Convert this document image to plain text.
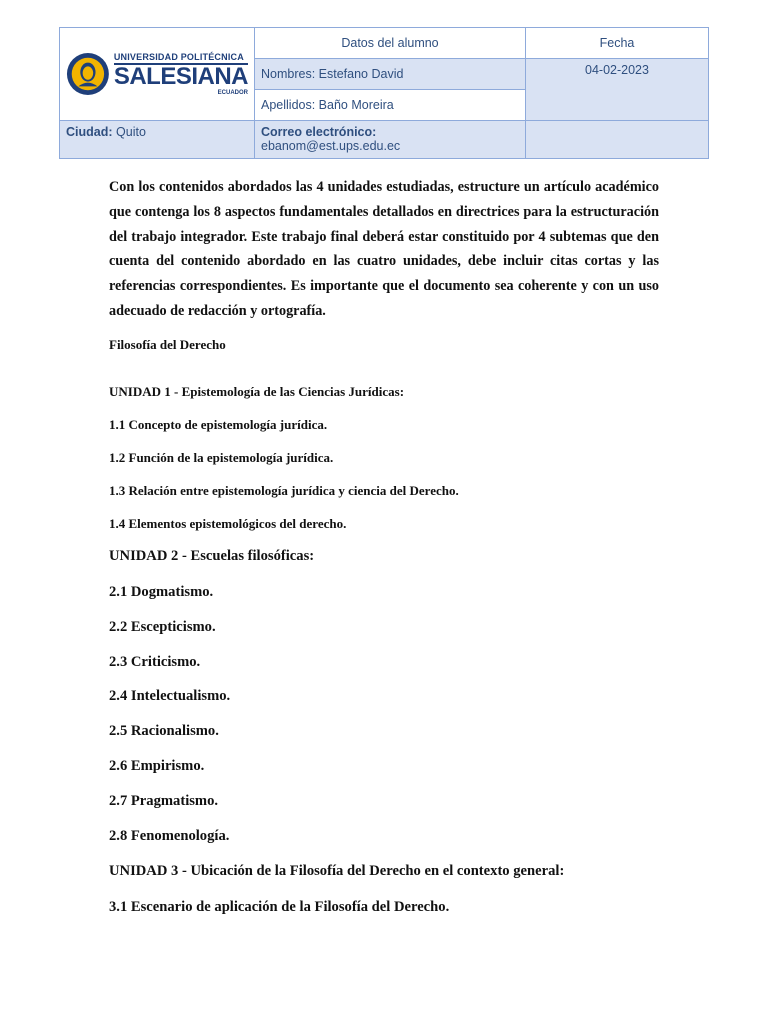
UNIVERSIDAD POLITÉCNICA
SALESIANA
ECUADOR	Datos del alumno	Fecha
	Nombres: Estefano David	04-02-2023
	Apellidos: Baño Moreira	
Ciudad: Quito	Correo electrónico:
ebanom@est.ups.edu.ec	
Con los contenidos abordados las 4 unidades estudiadas, estructure un artículo académico que contenga los 8 aspectos fundamentales detallados en directrices para la estructuración del trabajo integrador. Este trabajo final deberá estar constituido por 4 subtemas que den cuenta del contenido abordado en las cuatro unidades, debe incluir citas cortas y las referencias correspondientes. Es importante que el documento sea coherente y con un uso adecuado de redacción y ortografía.
Filosofía del Derecho
UNIDAD 1 - Epistemología de las Ciencias Jurídicas:
1.1 Concepto de epistemología jurídica.
1.2 Función de la epistemología jurídica.
1.3 Relación entre epistemología jurídica y ciencia del Derecho.
1.4 Elementos epistemológicos del derecho.
UNIDAD 2 - Escuelas filosóficas:
2.1 Dogmatismo.
2.2 Escepticismo.
2.3 Criticismo.
2.4 Intelectualismo.
2.5 Racionalismo.
2.6 Empirismo.
2.7 Pragmatismo.
2.8 Fenomenología.
UNIDAD 3 - Ubicación de la Filosofía del Derecho en el contexto general:
3.1 Escenario de aplicación de la Filosofía del Derecho.
